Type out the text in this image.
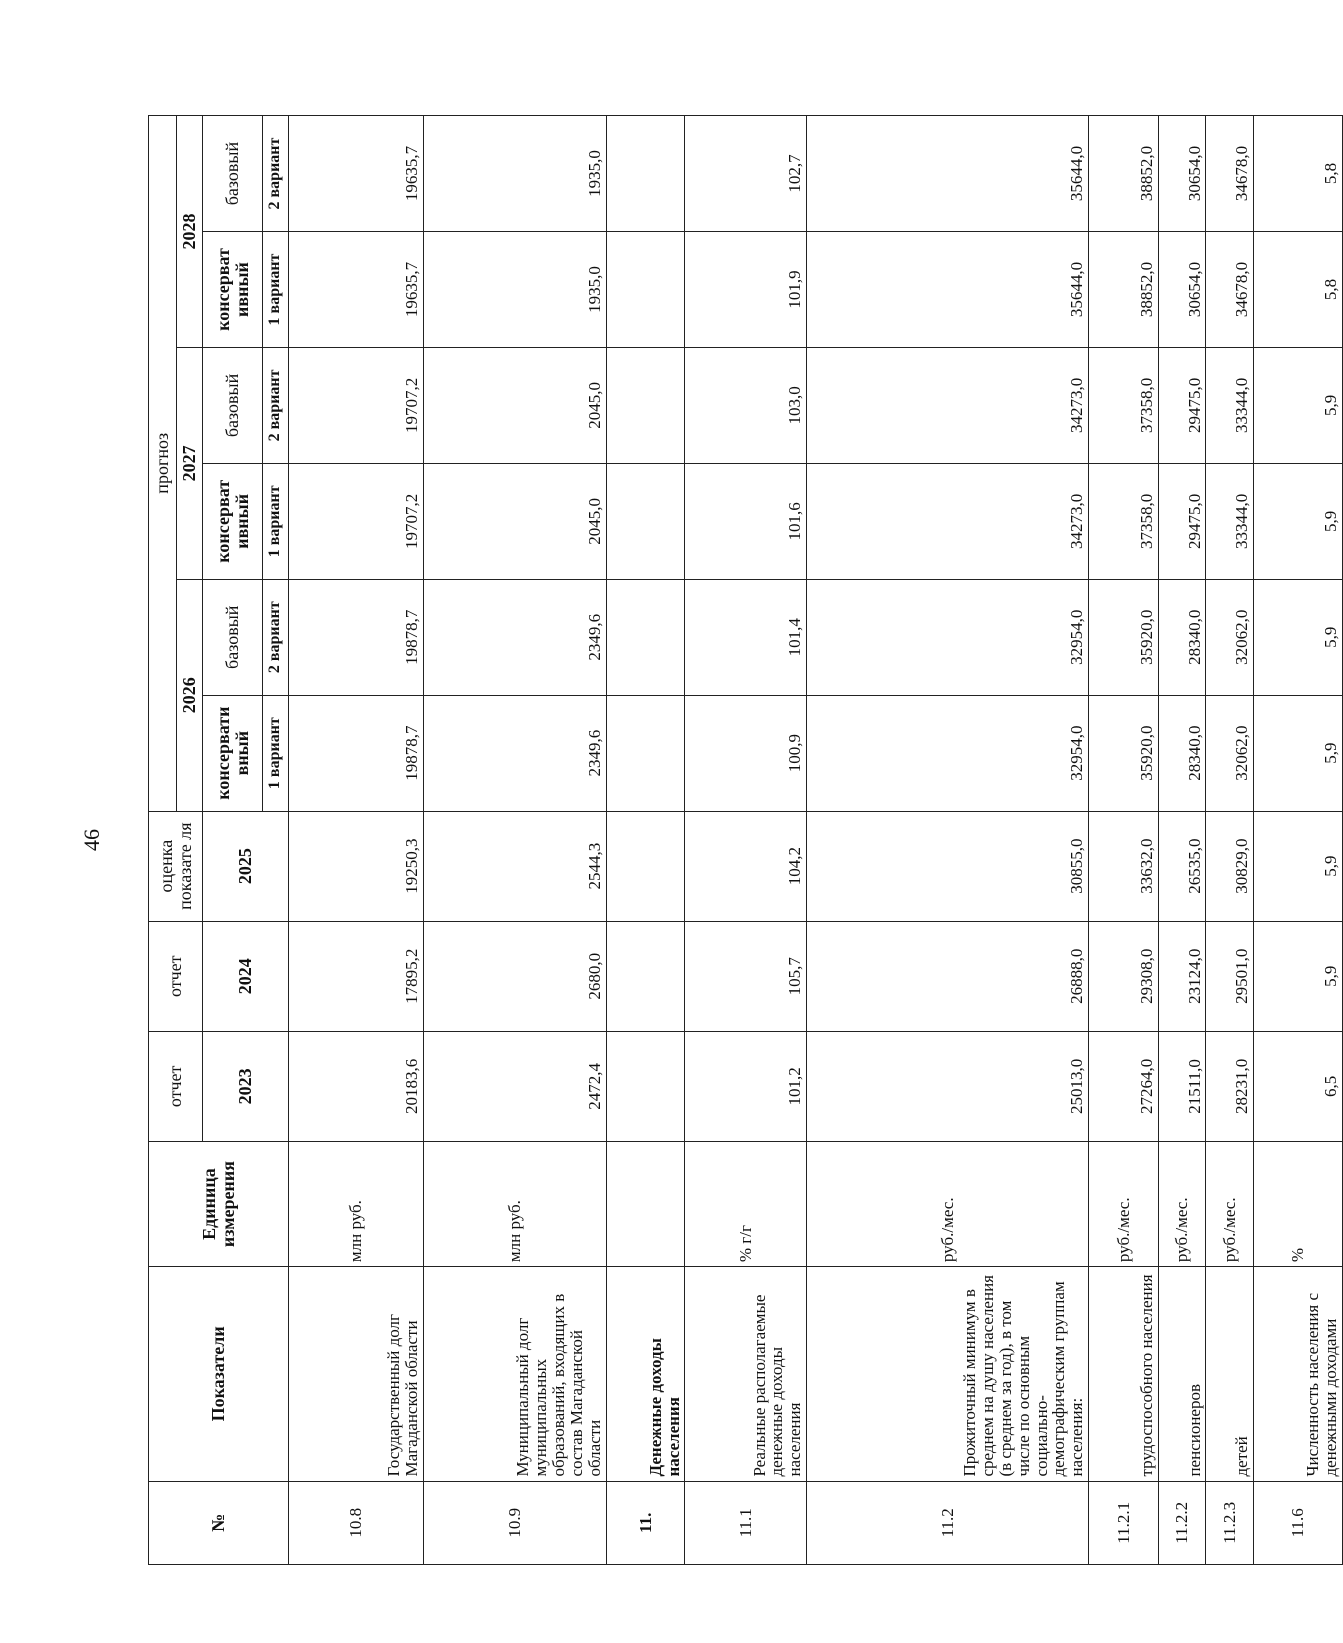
46
№	Показатели	Единица измерения	отчет	отчет	оценка показате ля	прогноз					
						2026		2027		2028	
			2023	2024	2025	консервати вный	базовый	консерват ивный	базовый	консерват ивный	базовый
						1 вариант	2 вариант	1 вариант	2 вариант	1 вариант	2 вариант
10.8	Государственный долг Магаданской области	млн руб.	20183,6	17895,2	19250,3	19878,7	19878,7	19707,2	19707,2	19635,7	19635,7
10.9	Муниципальный долг муниципальных образований, входящих в состав Магаданской области	млн руб.	2472,4	2680,0	2544,3	2349,6	2349,6	2045,0	2045,0	1935,0	1935,0
11.	Денежные доходы населения										
11.1	Реальные располагаемые денежные доходы населения	% г/г	101,2	105,7	104,2	100,9	101,4	101,6	103,0	101,9	102,7
11.2	Прожиточный минимум в среднем на душу населения (в среднем за год), в том числе по основным социально-демографическим группам населения:	руб./мес.	25013,0	26888,0	30855,0	32954,0	32954,0	34273,0	34273,0	35644,0	35644,0
11.2.1	трудоспособного населения	руб./мес.	27264,0	29308,0	33632,0	35920,0	35920,0	37358,0	37358,0	38852,0	38852,0
11.2.2	пенсионеров	руб./мес.	21511,0	23124,0	26535,0	28340,0	28340,0	29475,0	29475,0	30654,0	30654,0
11.2.3	детей	руб./мес.	28231,0	29501,0	30829,0	32062,0	32062,0	33344,0	33344,0	34678,0	34678,0
11.6	Численность населения с денежными доходами	%	6,5	5,9	5,9	5,9	5,9	5,9	5,9	5,8	5,8
